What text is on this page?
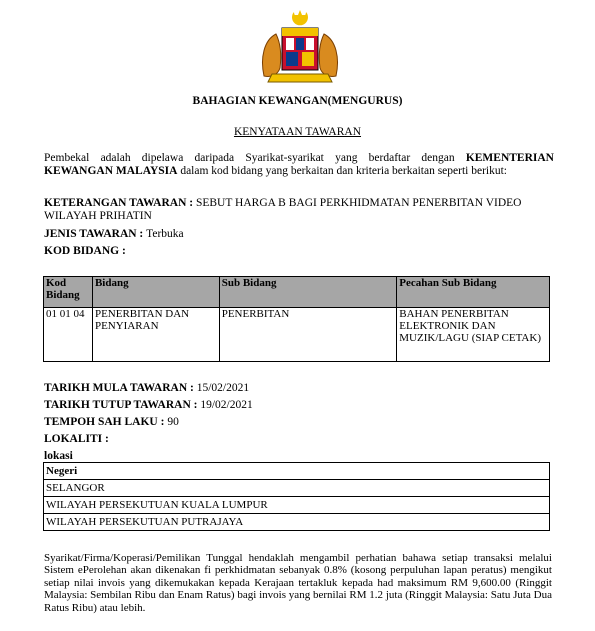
BAHAGIAN KEWANGAN(MENGURUS)
KENYATAAN TAWARAN
Pembekal adalah dipelawa daripada Syarikat-syarikat yang berdaftar dengan KEMENTERIAN KEWANGAN MALAYSIA dalam kod bidang yang berkaitan dan kriteria berkaitan seperti berikut:
KETERANGAN TAWARAN : SEBUT HARGA B BAGI PERKHIDMATAN PENERBITAN VIDEO WILAYAH PRIHATIN
JENIS TAWARAN : Terbuka
KOD BIDANG :
Kod Bidang	Bidang	Sub Bidang	Pecahan Sub Bidang
01 01 04	PENERBITAN DAN PENYIARAN	PENERBITAN	BAHAN PENERBITAN ELEKTRONIK DAN MUZIK/LAGU (SIAP CETAK)
TARIKH MULA TAWARAN : 15/02/2021
TARIKH TUTUP TAWARAN : 19/02/2021
TEMPOH SAH LAKU : 90
LOKALITI :
lokasi
Negeri
SELANGOR
WILAYAH PERSEKUTUAN KUALA LUMPUR
WILAYAH PERSEKUTUAN PUTRAJAYA
Syarikat/Firma/Koperasi/Pemilikan Tunggal hendaklah mengambil perhatian bahawa setiap transaksi melalui Sistem ePerolehan akan dikenakan fi perkhidmatan sebanyak 0.8% (kosong perpuluhan lapan peratus) mengikut setiap nilai invois yang dikemukakan kepada Kerajaan tertakluk kepada had maksimum RM 9,600.00 (Ringgit Malaysia: Sembilan Ribu dan Enam Ratus) bagi invois yang bernilai RM 1.2 juta (Ringgit Malaysia: Satu Juta Dua Ratus Ribu) atau lebih.
